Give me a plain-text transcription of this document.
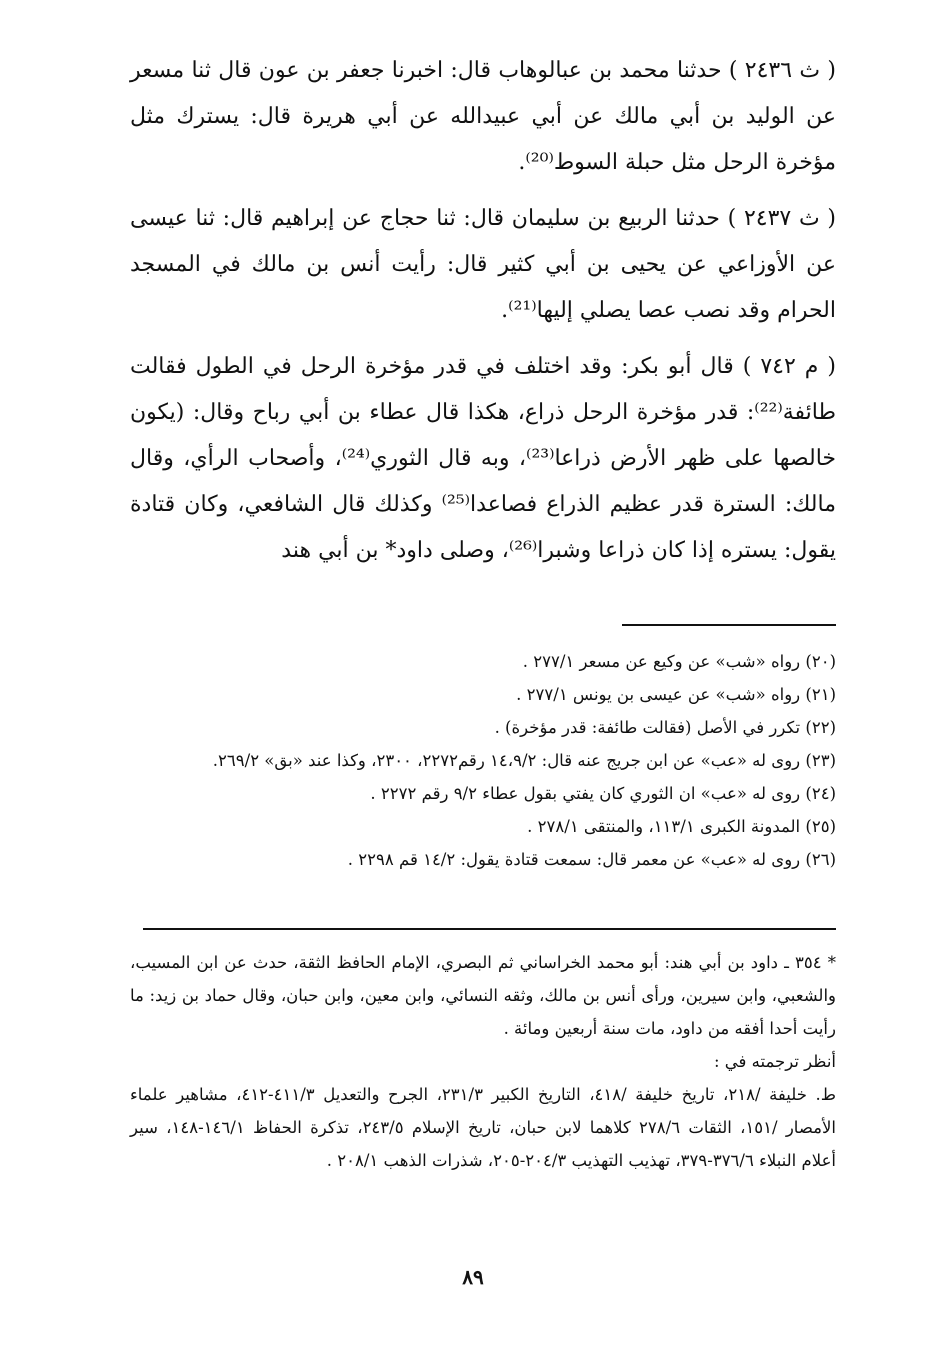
( ث ٢٤٣٦ ) حدثنا محمد بن عبالوهاب قال: اخبرنا جعفر بن عون قال ثنا مسعر عن الوليد بن أبي مالك عن أبي عبيدالله عن أبي هريرة قال: يسترك مثل مؤخرة الرحل مثل حبلة السوط⁽²⁰⁾.

( ث ٢٤٣٧ ) حدثنا الربيع بن سليمان قال: ثنا حجاج عن إبراهيم قال: ثنا عيسى عن الأوزاعي عن يحيى بن أبي كثير قال: رأيت أنس بن مالك في المسجد الحرام وقد نصب عصا يصلي إليها⁽²¹⁾.

( م ٧٤٢ ) قال أبو بكر: وقد اختلف في قدر مؤخرة الرحل في الطول فقالت طائفة⁽²²⁾: قدر مؤخرة الرحل ذراع، هكذا قال عطاء بن أبي رباح وقال: (يكون خالصها على ظهر الأرض ذراعا⁽²³⁾، وبه قال الثوري⁽²⁴⁾، وأصحاب الرأي، وقال مالك: السترة قدر عظيم الذراع فصاعدا⁽²⁵⁾ وكذلك قال الشافعي، وكان قتادة يقول: يستره إذا كان ذراعا وشبرا⁽²⁶⁾، وصلى داود* بن أبي هند

(٢٠) رواه «شب» عن وكيع عن مسعر ٢٧٧/١ .
(٢١) رواه «شب» عن عيسى بن يونس ٢٧٧/١ .
(٢٢) تكرر في الأصل (فقالت طائفة: قدر مؤخرة) .
(٢٣) روى له «عب» عن ابن جريج عنه قال: ١٤،٩/٢ رقم٢٢٧٢، ٢٣٠٠، وكذا عند «بق» ٢٦٩/٢.
(٢٤) روى له «عب» ان الثوري كان يفتي بقول عطاء ٩/٢ رقم ٢٢٧٢ .
(٢٥) المدونة الكبرى ١١٣/١، والمنتقى ٢٧٨/١ .
(٢٦) روى له «عب» عن معمر قال: سمعت قتادة يقول: ١٤/٢ قم ٢٢٩٨ .

* ٣٥٤ ـ داود بن أبي هند: أبو محمد الخراساني ثم البصري، الإمام الحافظ الثقة، حدث عن ابن المسيب، والشعبي، وابن سيرين، ورأى أنس بن مالك، وثقه النسائي، وابن معين، وابن حبان، وقال حماد بن زيد: ما رأيت أحدا أفقه من داود، مات سنة أربعين ومائة .

أنظر ترجمته في :

ط. خليفة /٢١٨، تاريخ خليفة /٤١٨، التاريخ الكبير ٢٣١/٣، الجرح والتعديل ٤١١/٣-٤١٢، مشاهير علماء الأمصار /١٥١، الثقات ٢٧٨/٦ كلاهما لابن حبان، تاريخ الإسلام ٢٤٣/٥، تذكرة الحفاظ ١٤٦/١-١٤٨، سير أعلام النبلاء ٣٧٦/٦-٣٧٩، تهذيب التهذيب ٢٠٤/٣-٢٠٥، شذرات الذهب ٢٠٨/١ .

٨٩
